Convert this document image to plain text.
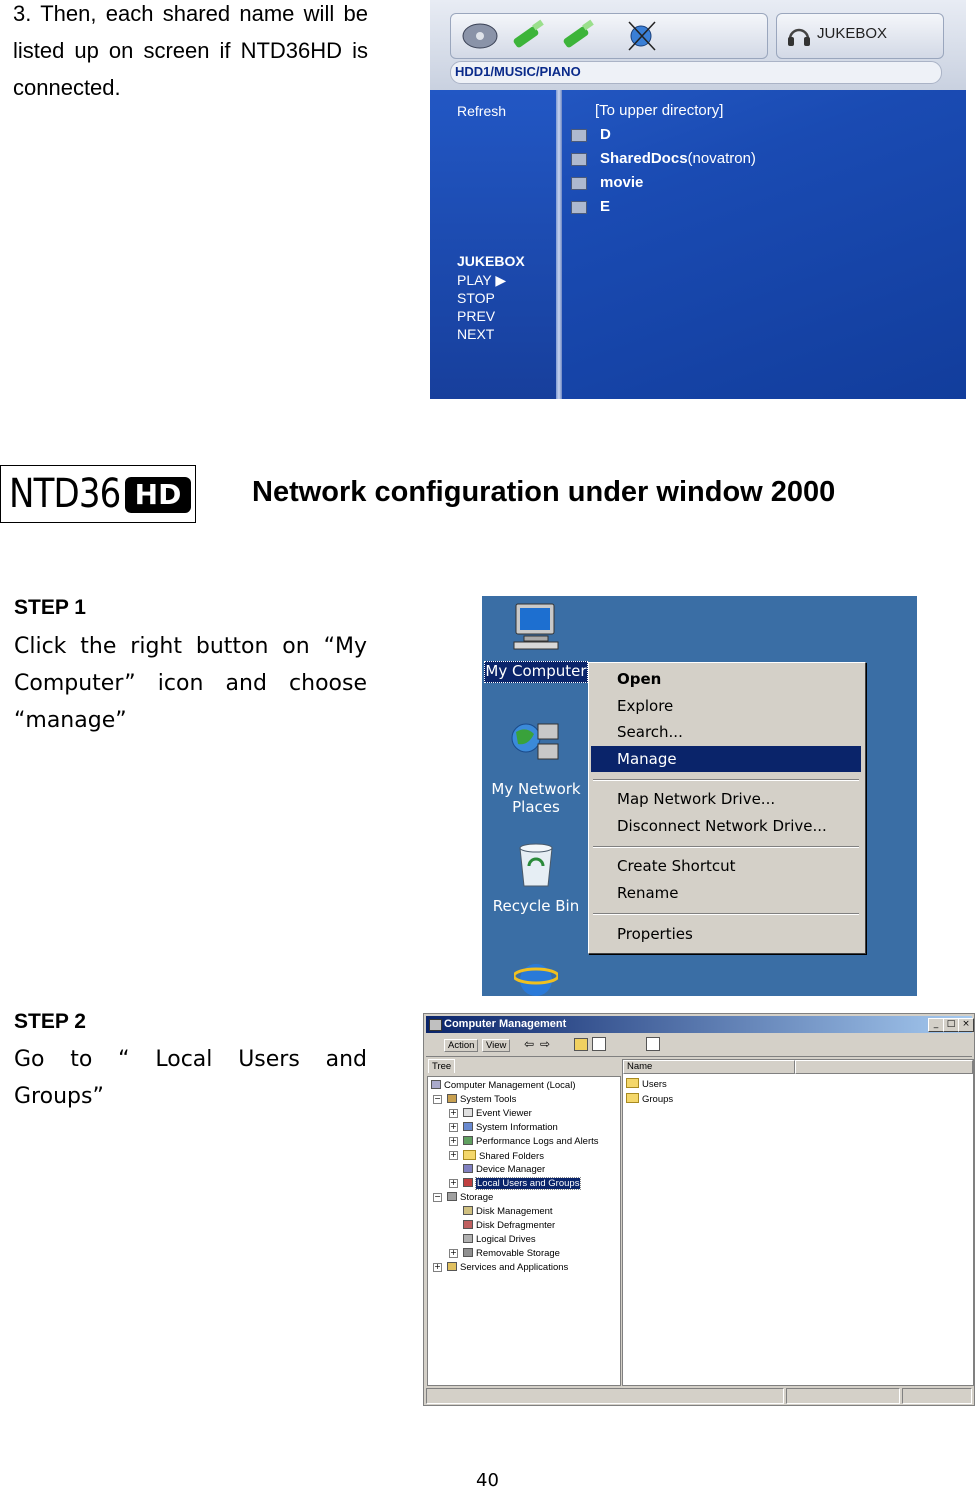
3. Then, each shared name will be listed up on screen if NTD36HD is connected.
JUKEBOX
HDD1/MUSIC/PIANO
Refresh
JUKEBOX
PLAY ▶
STOP
PREV
NEXT
[To upper directory]
D
SharedDocs(novatron)
movie
E
NTD36 HD	Network configuration under window 2000
STEP 1
Click the right button on “My Computer” icon and choose “manage”
My Computer
My Network
Places
Recycle Bin
Open
Explore
Search...
Manage
Map Network Drive...
Disconnect Network Drive...
Create Shortcut
Rename
Properties
STEP 2
Go to “ Local Users and Groups”
Computer Management	_ □ ×
Action	View	⇦ ⇨
Tree
Computer Management (Local)
−	System Tools
+	Event Viewer
+	System Information
+	Performance Logs and Alerts
+	Shared Folders
Device Manager
+	Local Users and Groups
−	Storage
Disk Management
Disk Defragmenter
Logical Drives
+	Removable Storage
+	Services and Applications
Name
Users
Groups
40
